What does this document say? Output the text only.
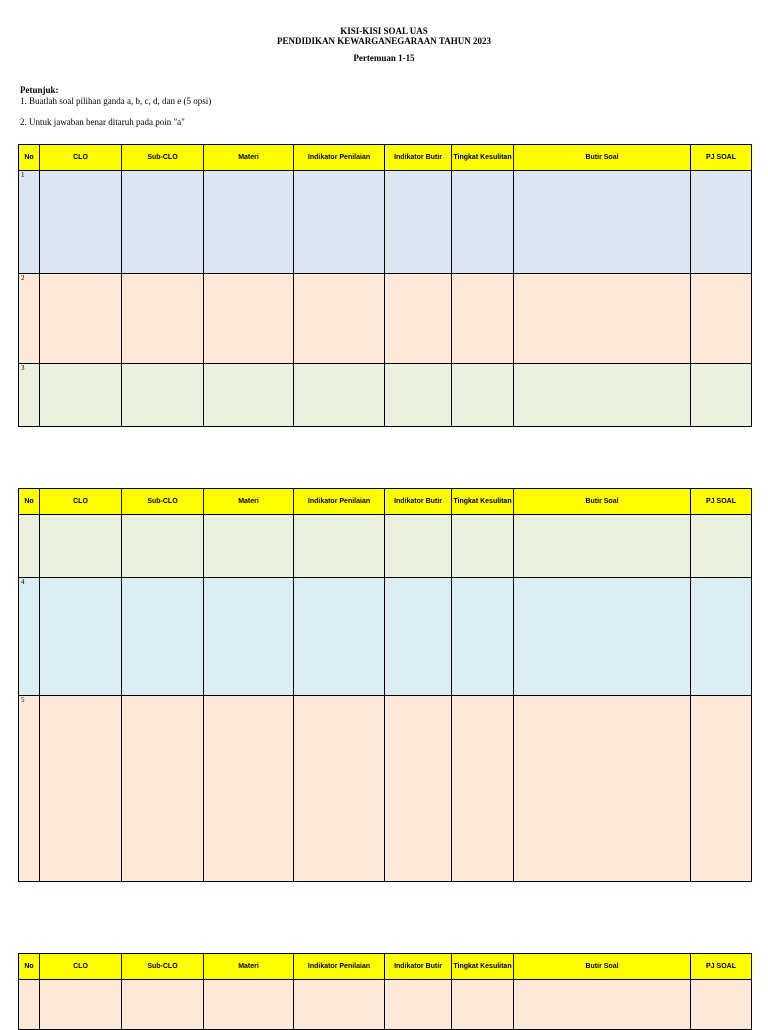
KISI-KISI SOAL UAS
PENDIDIKAN KEWARGANEGARAAN TAHUN 2023
Pertemuan 1-15
Petunjuk:
1. Buatlah soal pilihan ganda a, b, c, d, dan e (5 opsi)
2. Untuk jawaban benar ditaruh pada poin "a"
No	CLO	Sub-CLO	Materi	Indikator Penilaian	Indikator Butir	Tingkat Kesulitan	Butir Soal	PJ SOAL
1								
2								
3								
No	CLO	Sub-CLO	Materi	Indikator Penilaian	Indikator Butir	Tingkat Kesulitan	Butir Soal	PJ SOAL

4								
5								
No	CLO	Sub-CLO	Materi	Indikator Penilaian	Indikator Butir	Tingkat Kesulitan	Butir Soal	PJ SOAL
